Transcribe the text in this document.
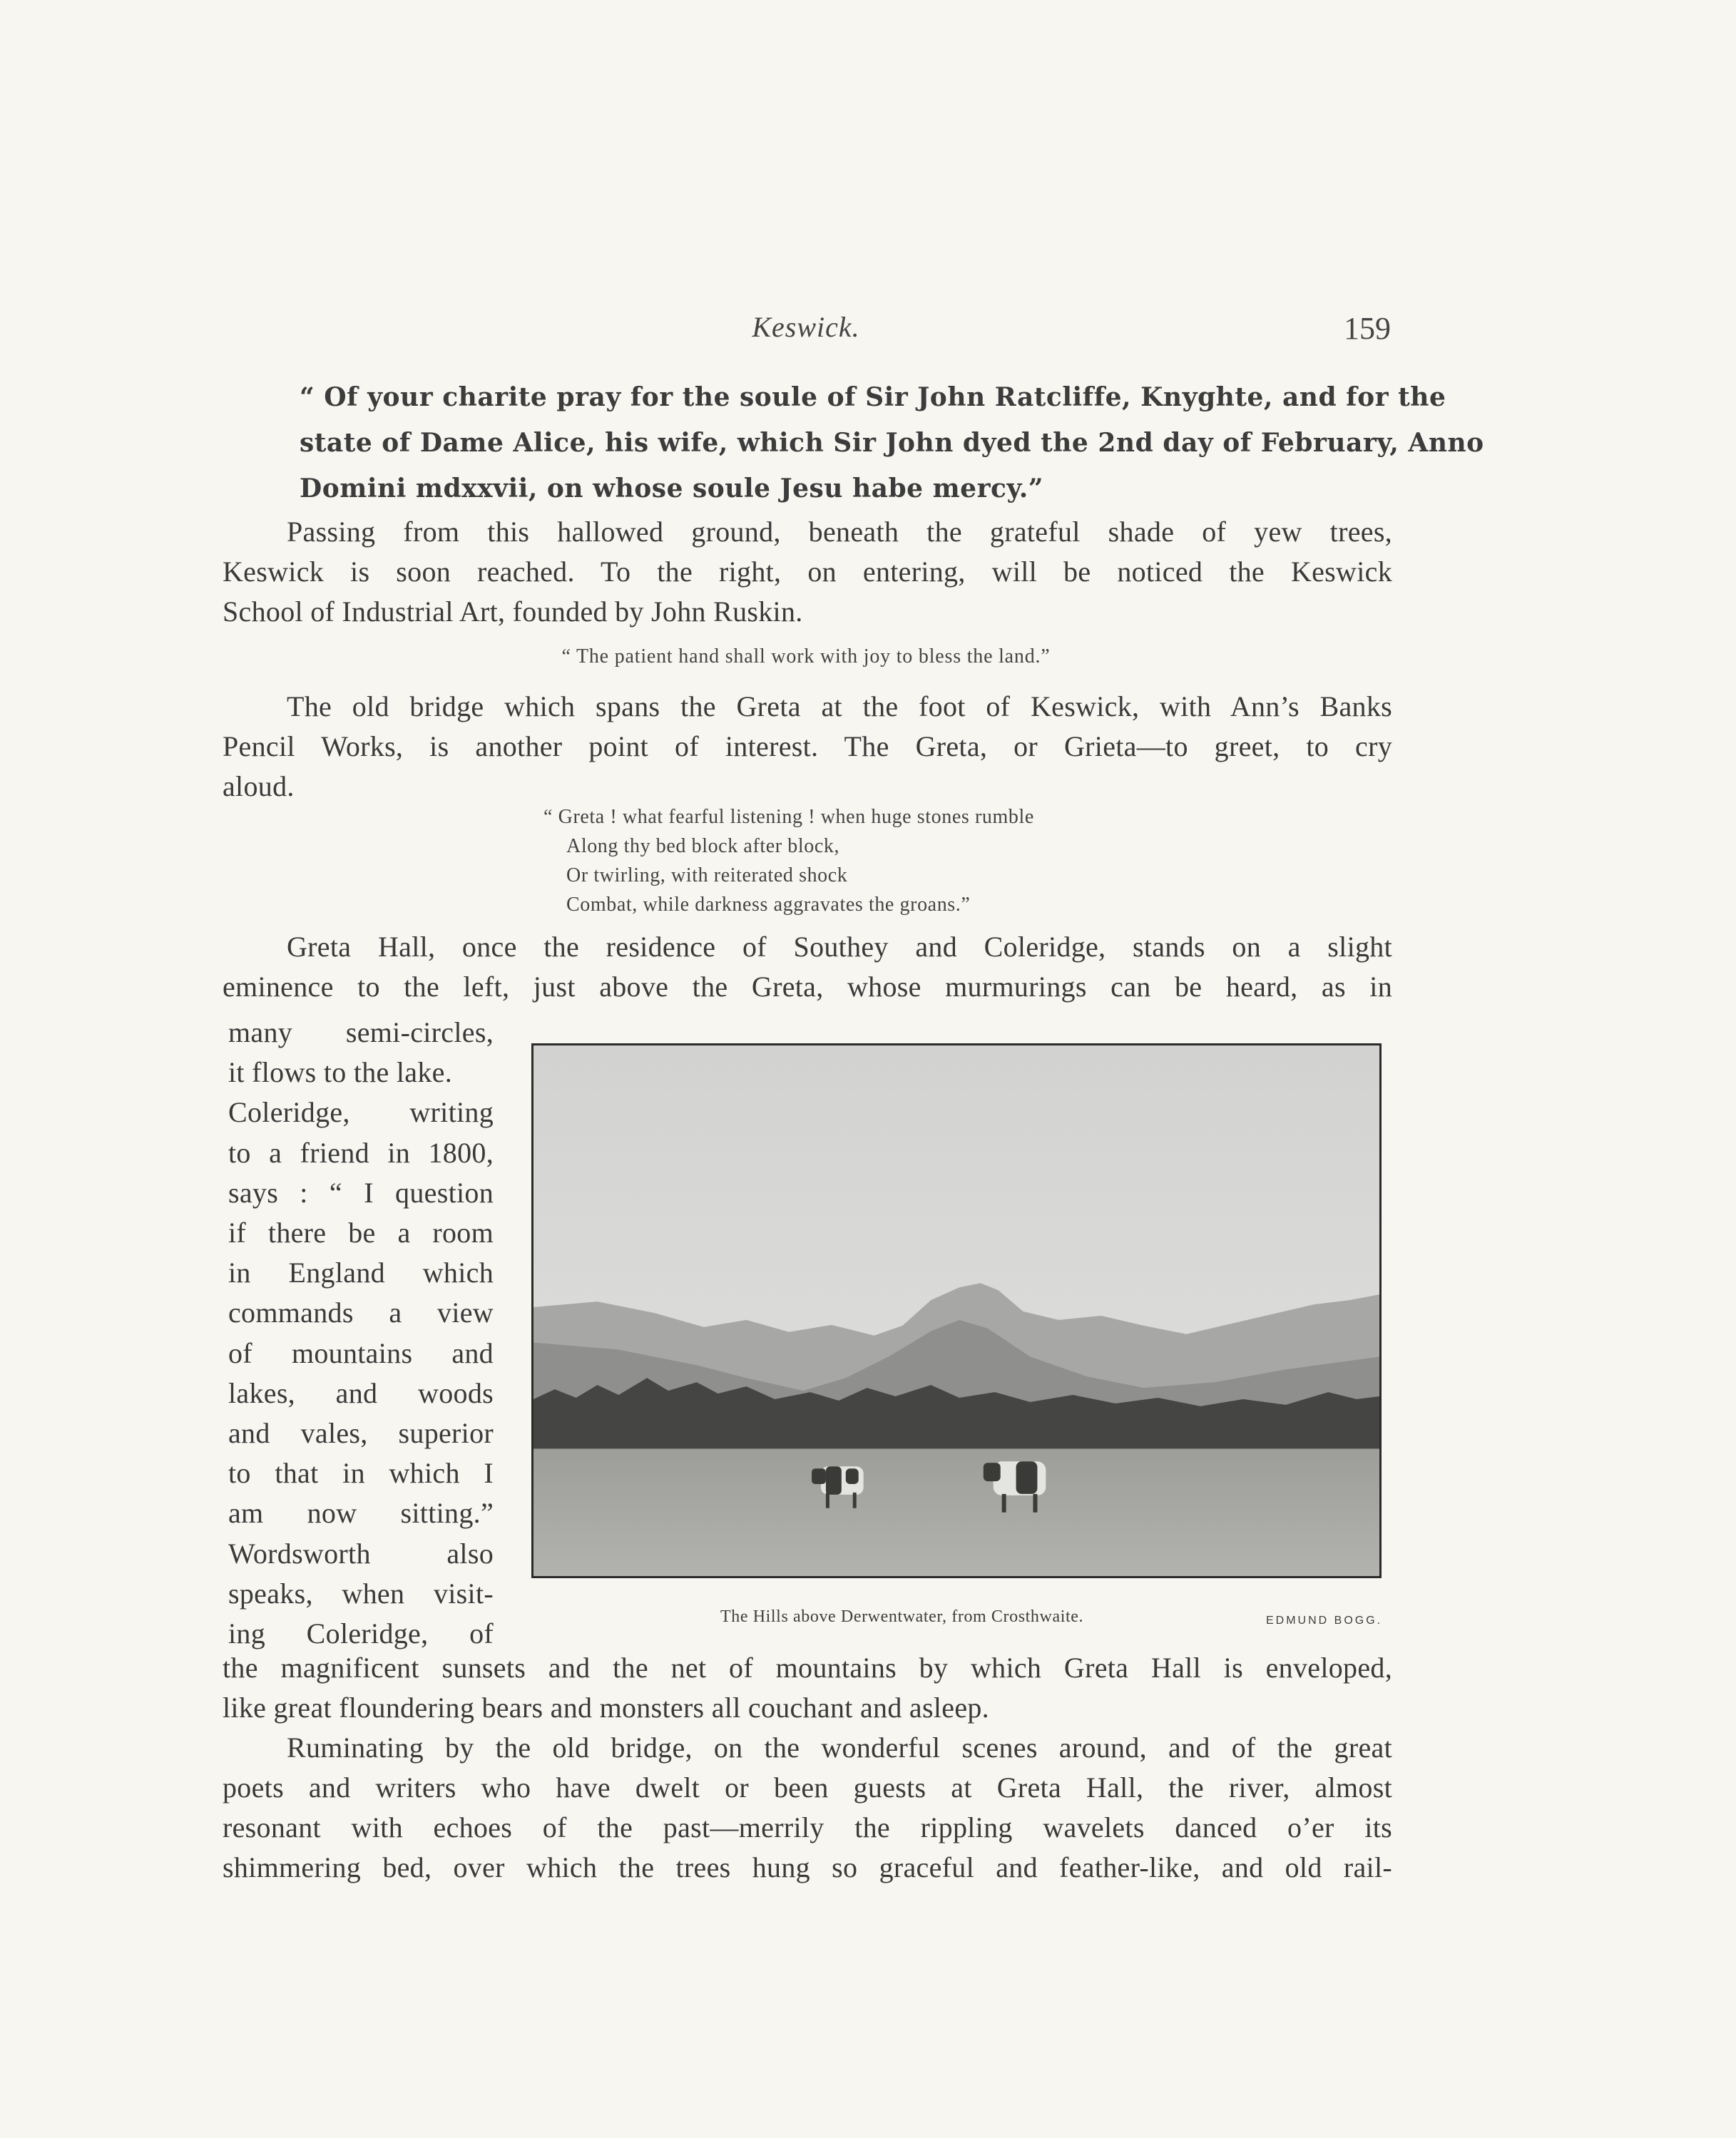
Keswick.	159
“ Of your charite pray for the soule of Sir John Ratcliffe, Knyghte, and for the
state of Dame Alice, his wife, which Sir John dyed the 2nd day of February, Anno
Domini mdxxvii, on whose soule Jesu habe mercy.”
Passing from this hallowed ground, beneath the grateful shade of yew trees,
Keswick is soon reached. To the right, on entering, will be noticed the Keswick
School of Industrial Art, founded by John Ruskin.
“ The patient hand shall work with joy to bless the land.”
The old bridge which spans the Greta at the foot of Keswick, with Ann’s Banks
Pencil Works, is another point of interest. The Greta, or Grieta—to greet, to cry
aloud.
“ Greta ! what fearful listening ! when huge stones rumble
Along thy bed block after block,
Or twirling, with reiterated shock
Combat, while darkness aggravates the groans.”
Greta Hall, once the residence of Southey and Coleridge, stands on a slight
eminence to the left, just above the Greta, whose murmurings can be heard, as in
many semi-circles,
it flows to the lake.
Coleridge, writing
to a friend in 1800,
says : “ I question
if there be a room
in England which
commands a view
of mountains and
lakes, and woods
and vales, superior
to that in which I
am now sitting.”
Wordsworth also
speaks, when visit-
ing Coleridge, of
The Hills above Derwentwater, from Crosthwaite.	EDMUND BOGG.
the magnificent sunsets and the net of mountains by which Greta Hall is enveloped,
like great floundering bears and monsters all couchant and asleep.
Ruminating by the old bridge, on the wonderful scenes around, and of the great
poets and writers who have dwelt or been guests at Greta Hall, the river, almost
resonant with echoes of the past—merrily the rippling wavelets danced o’er its
shimmering bed, over which the trees hung so graceful and feather-like, and old rail-
